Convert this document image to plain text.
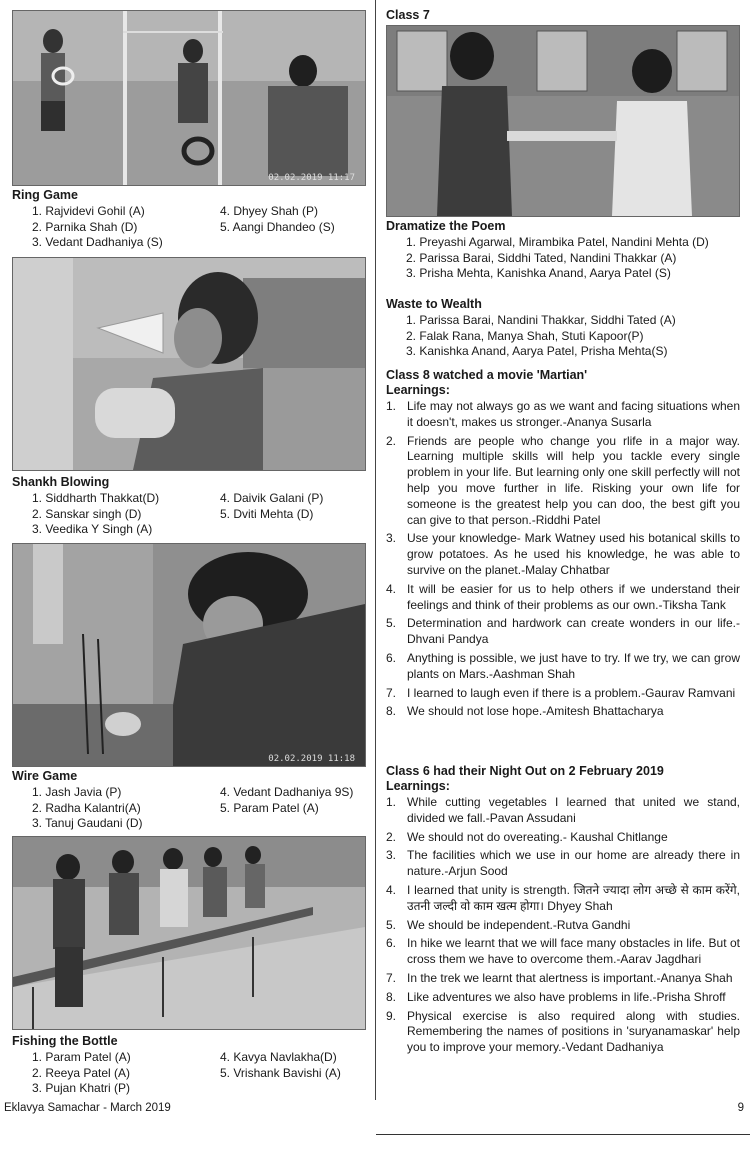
02.02.2019 11:17
Ring Game
1. Rajvidevi Gohil (A)	4. Dhyey Shah (P)
2. Parnika Shah (D)	5. Aangi Dhandeo (S)
3. Vedant Dadhaniya (S)
Shankh Blowing
1. Siddharth Thakkat(D)	4. Daivik Galani (P)
2. Sanskar singh (D)	5. Dviti Mehta (D)
3. Veedika Y Singh (A)
02.02.2019 11:18
Wire Game
1. Jash Javia (P)	4. Vedant Dadhaniya 9S)
2. Radha Kalantri(A)	5. Param Patel (A)
3. Tanuj Gaudani (D)
Fishing the Bottle
1. Param Patel (A)	4. Kavya Navlakha(D)
2. Reeya Patel (A)	5. Vrishank Bavishi (A)
3. Pujan Khatri (P)
Class 7
Dramatize the Poem
1. Preyashi Agarwal, Mirambika Patel, Nandini Mehta (D)
2. Parissa Barai, Siddhi Tated, Nandini Thakkar (A)
3. Prisha Mehta, Kanishka Anand, Aarya Patel (S)
Waste to Wealth
1. Parissa Barai, Nandini Thakkar, Siddhi Tated (A)
2. Falak Rana, Manya Shah, Stuti Kapoor(P)
3. Kanishka Anand, Aarya Patel, Prisha Mehta(S)
Class 8 watched a movie 'Martian'
Learnings:
1. Life may not always go as we want and facing situations when it doesn't, makes us stronger.-Ananya Susarla
2. Friends are people who change you rlife in a major way. Learning multiple skills will help you tackle every single problem in your life. But learning only one skill perfectly will not help you move further in life. Risking your own life for someone is the greatest help you can doo, the best gift you can give to that person.-Riddhi Patel
3. Use your knowledge- Mark Watney used his botanical skills to grow potatoes. As he used his knowledge, he was able to survive on the planet.-Malay Chhatbar
4. It will be easier for us to help others if we understand their feelings and think of their problems as our own.-Tiksha Tank
5. Determination and hardwork can create wonders in our life.-Dhvani Pandya
6. Anything is possible, we just have to try. If we try, we can grow plants on Mars.-Aashman Shah
7. I learned to laugh even if there is a problem.-Gaurav Ramvani
8. We should not lose hope.-Amitesh Bhattacharya
Class 6 had their Night Out on 2 February 2019
Learnings:
1. While cutting vegetables I learned that united we stand, divided we fall.-Pavan Assudani
2. We should not do overeating.- Kaushal Chitlange
3. The facilities which we use in our home are already there in nature.-Arjun Sood
4. I learned that unity is strength. जितने ज्यादा लोग अच्छे से काम करेंगे, उतनी जल्दी वो काम खत्म होगा। Dhyey Shah
5. We should be independent.-Rutva Gandhi
6. In hike we learnt that we will face many obstacles in life. But ot cross them we have to overcome them.-Aarav Jagdhari
7. In the trek we learnt that alertness is important.-Ananya Shah
8. Like adventures we also have problems in life.-Prisha Shroff
9. Physical exercise is also required along with studies. Remembering the names of positions in 'suryanamaskar' help you to improve your memory.-Vedant Dadhaniya
Eklavya Samachar - March 2019	9
